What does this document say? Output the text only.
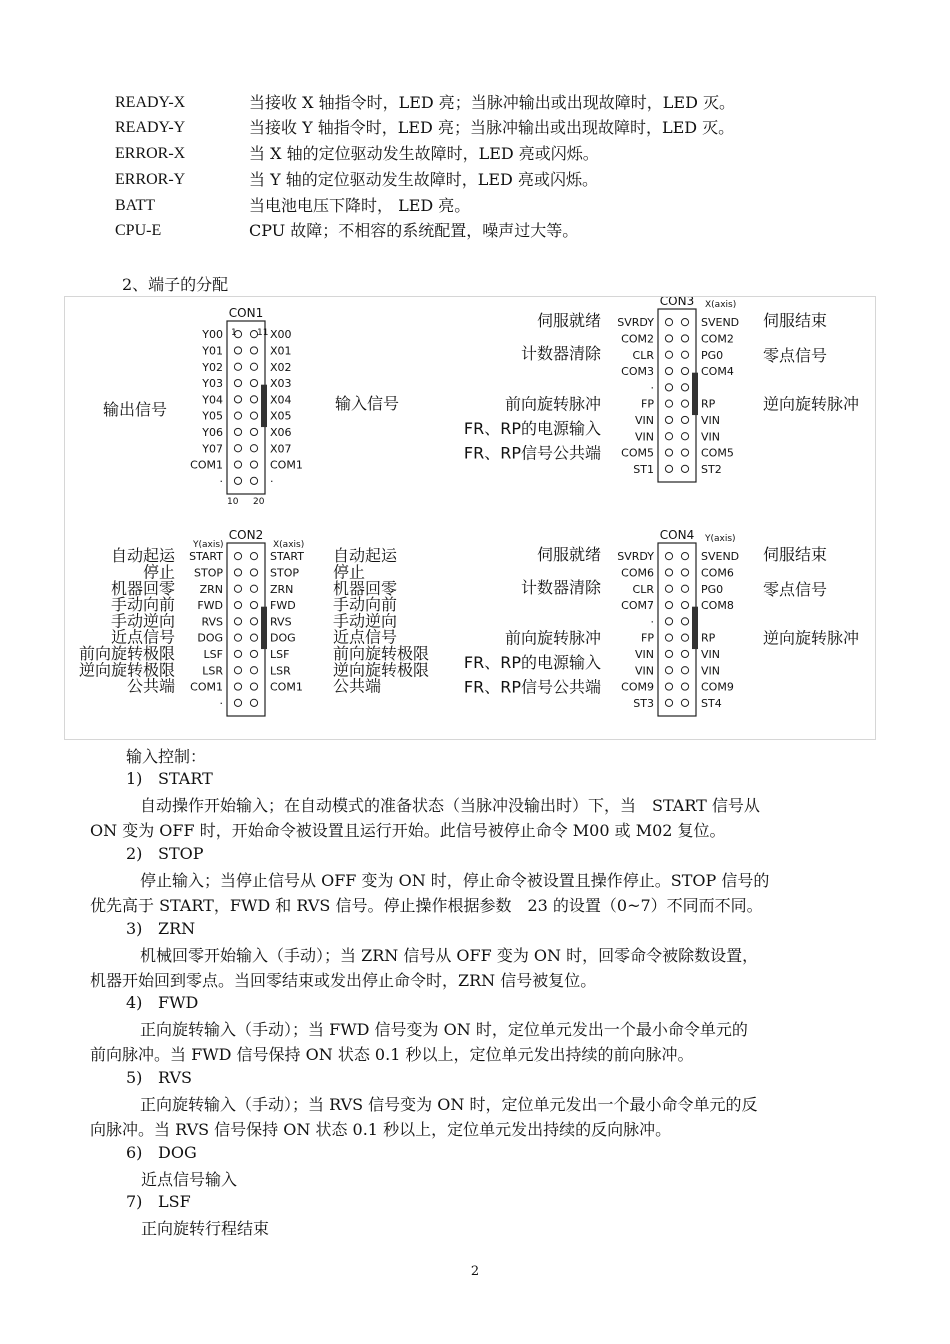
READY-X	当接收 X 轴指令时，LED 亮；当脉冲输出或出现故障时，LED 灭。
READY-Y	当接收 Y 轴指令时，LED 亮；当脉冲输出或出现故障时，LED 灭。
ERROR-X	当 X 轴的定位驱动发生故障时，LED 亮或闪烁。
ERROR-Y	当 Y 轴的定位驱动发生故障时，LED 亮或闪烁。
BATT	当电池电压下降时， LED 亮。
CPU-E	CPU 故障；不相容的系统配置，噪声过大等。
2、端子的分配
CON1
Y00	X00
Y01	X01
Y02	X02
Y03	X03
Y04	X04
Y05	X05
Y06	X06
Y07	X07
COM1	COM1
·	·
1 11
10 20
输出信号	输入信号
CON2
START	START
STOP	STOP
ZRN	ZRN
FWD	FWD
RVS	RVS
DOG	DOG
LSF	LSF
LSR	LSR
COM1	COM1
·
Y(axis)	X(axis)
自动起运	自动起运
停止	停止
机器回零	机器回零
手动向前	手动向前
手动逆向	手动逆向
近点信号	近点信号
前向旋转极限	前向旋转极限
逆向旋转极限	逆向旋转极限
公共端	公共端
CON3
SVRDY	SVEND
COM2	COM2
CLR	PG0
COM3	COM4
·
FP	RP
VIN	VIN
VIN	VIN
COM5	COM5
ST1	ST2
X(axis)
伺服就绪
计数器清除
前向旋转脉冲
FR、RP的电源输入
FR、RP信号公共端
伺服结束
零点信号
逆向旋转脉冲
CON4
SVRDY	SVEND
COM6	COM6
CLR	PG0
COM7	COM8
·
FP	RP
VIN	VIN
VIN	VIN
COM9	COM9
ST3	ST4
Y(axis)
伺服就绪
计数器清除
前向旋转脉冲
FR、RP的电源输入
FR、RP信号公共端
伺服结束
零点信号
逆向旋转脉冲
输入控制：
1) START
自动操作开始输入；在自动模式的准备状态（当脉冲没输出时）下，当　START 信号从
ON 变为 OFF 时，开始命令被设置且运行开始。此信号被停止命令 M00 或 M02 复位。
2) STOP
停止输入；当停止信号从 OFF 变为 ON 时，停止命令被设置且操作停止。STOP 信号的
优先高于 START，FWD 和 RVS 信号。停止操作根据参数　23 的设置（0~7）不同而不同。
3) ZRN
机械回零开始输入（手动）；当 ZRN 信号从 OFF 变为 ON 时，回零命令被除数设置，
机器开始回到零点。当回零结束或发出停止命令时，ZRN 信号被复位。
4) FWD
正向旋转输入（手动）；当 FWD 信号变为 ON 时，定位单元发出一个最小命令单元的
前向脉冲。当 FWD 信号保持 ON 状态 0.1 秒以上，定位单元发出持续的前向脉冲。
5) RVS
正向旋转输入（手动）；当 RVS 信号变为 ON 时，定位单元发出一个最小命令单元的反
向脉冲。当 RVS 信号保持 ON 状态 0.1 秒以上，定位单元发出持续的反向脉冲。
6) DOG
近点信号输入
7) LSF
正向旋转行程结束
2
